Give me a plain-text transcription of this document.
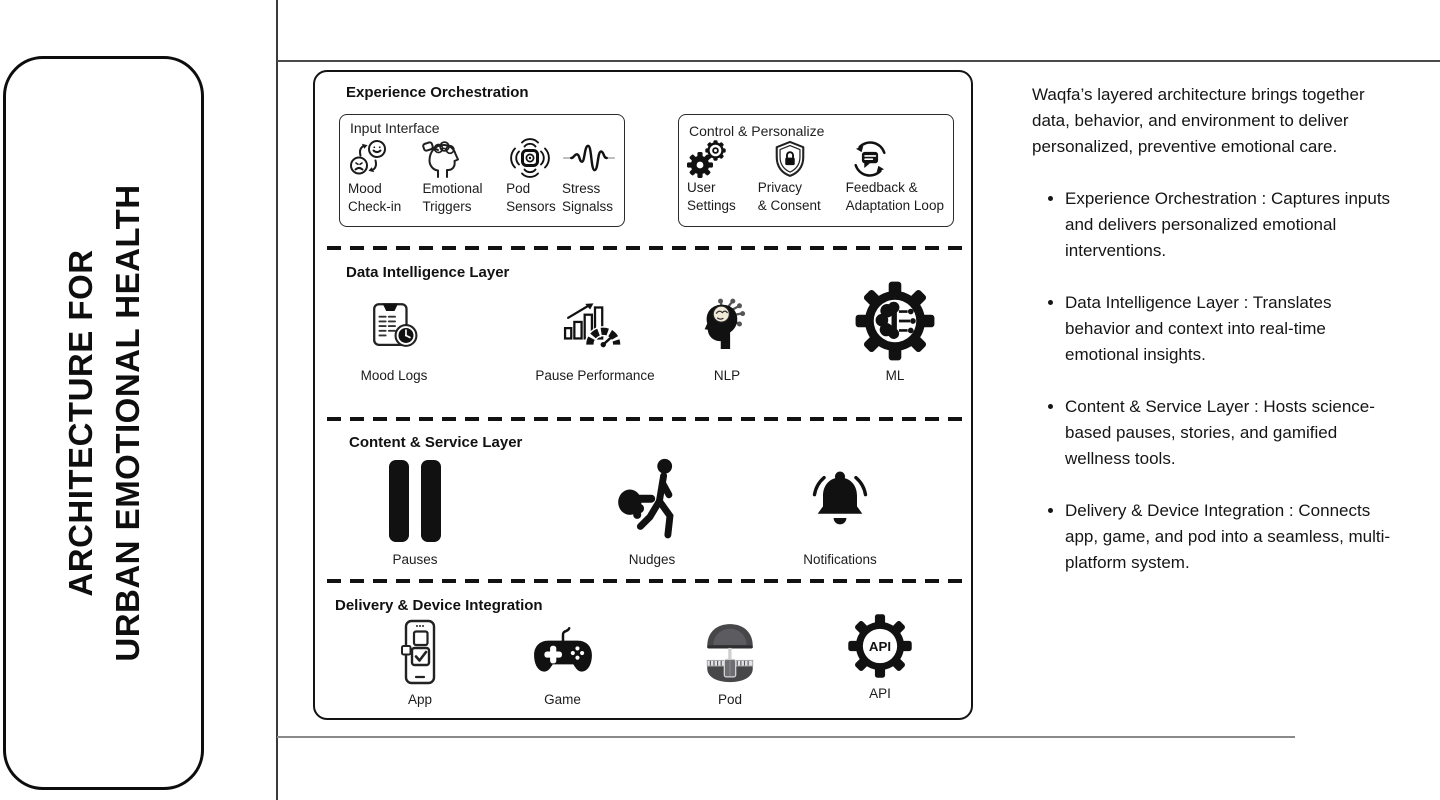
ARCHITECTURE FOR URBAN EMOTIONAL HEALTH
Experience Orchestration
Input Interface
Mood
Check-in
Emotional
Triggers
Pod
Sensors
Stress
Signalss
Control & Personalize
User
Settings
Privacy
& Consent
Feedback &
Adaptation Loop
Data Intelligence Layer
Mood Logs	Pause Performance	NLP	ML
Content & Service Layer
Pauses	Nudges	Notifications
Delivery & Device Integration
App	Game	Pod
API
API

Waqfa’s layered architecture brings together data, behavior, and environment to deliver personalized, preventive emotional care.

• Experience Orchestration : Captures inputs and delivers personalized emotional interventions.
• Data Intelligence Layer : Translates behavior and context into real-time emotional insights.
• Content & Service Layer : Hosts science-based pauses, stories, and gamified wellness tools.
• Delivery & Device Integration : Connects app, game, and pod into a seamless, multi-platform system.
